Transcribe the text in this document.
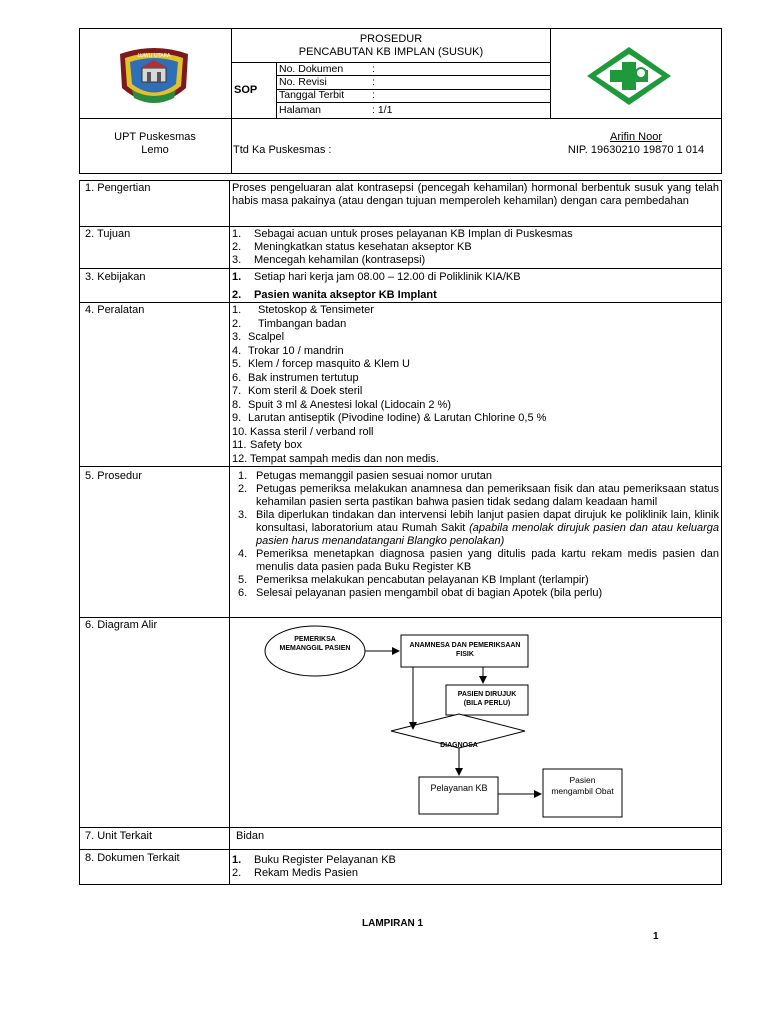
LUWU UTARA
PROSEDUR
PENCABUTAN KB IMPLAN (SUSUK)
SOP
No. Dokumen	:
No. Revisi	:
Tanggal Terbit	:
Halaman	: 1/1
UPT Puskesmas
Lemo	Ttd Ka Puskesmas :
Arifin Noor
NIP. 19630210 19870 1 014
1. Pengertian	Proses pengeluaran alat kontrasepsi (pencegah kehamilan) hormonal berbentuk susuk yang telah habis masa pakainya (atau dengan tujuan memperoleh kehamilan) dengan cara pembedahan
2. Tujuan	1. Sebagai acuan untuk proses pelayanan KB Implan di Puskesmas
2. Meningkatkan status kesehatan akseptor KB
3. Mencegah kehamilan (kontrasepsi)
3. Kebijakan	1. Setiap hari kerja jam 08.00 – 12.00 di Poliklinik KIA/KB
2. Pasien wanita akseptor KB Implant
4. Peralatan	1. Stetoskop & Tensimeter
2. Timbangan badan
3. Scalpel
4. Trokar 10 / mandrin
5. Klem / forcep masquito & Klem U
6. Bak instrumen tertutup
7. Kom steril & Doek steril
8. Spuit 3 ml & Anestesi lokal (Lidocain 2 %)
9. Larutan antiseptik (Pivodine Iodine) & Larutan Chlorine 0,5 %
10. Kassa steril / verband roll
11. Safety box
12. Tempat sampah medis dan non medis.
5. Prosedur	1. Petugas memanggil pasien sesuai nomor urutan
2. Petugas pemeriksa melakukan anamnesa dan pemeriksaan fisik dan atau pemeriksaan status kehamilan pasien serta pastikan bahwa pasien tidak sedang dalam keadaan hamil
3. Bila diperlukan tindakan dan intervensi lebih lanjut pasien dapat dirujuk ke poliklinik lain, klinik konsultasi, laboratorium atau Rumah Sakit (apabila menolak dirujuk pasien dan atau keluarga pasien harus menandatangani Blangko penolakan)
4. Pemeriksa menetapkan diagnosa pasien yang ditulis pada kartu rekam medis pasien dan menulis data pasien pada Buku Register KB
5. Pemeriksa melakukan pencabutan pelayanan KB Implant (terlampir)
6. Selesai pelayanan pasien mengambil obat di bagian Apotek (bila perlu)
6. Diagram Alir
PEMERIKSA MEMANGGIL PASIEN	ANAMNESA DAN PEMERIKSAAN FISIK
PASIEN DIRUJUK (BILA PERLU)
DIAGNOSA
Pelayanan KB
Pasien mengambil Obat
7. Unit Terkait	Bidan
8. Dokumen Terkait	1. Buku Register Pelayanan KB
2. Rekam Medis Pasien
LAMPIRAN 1
1
